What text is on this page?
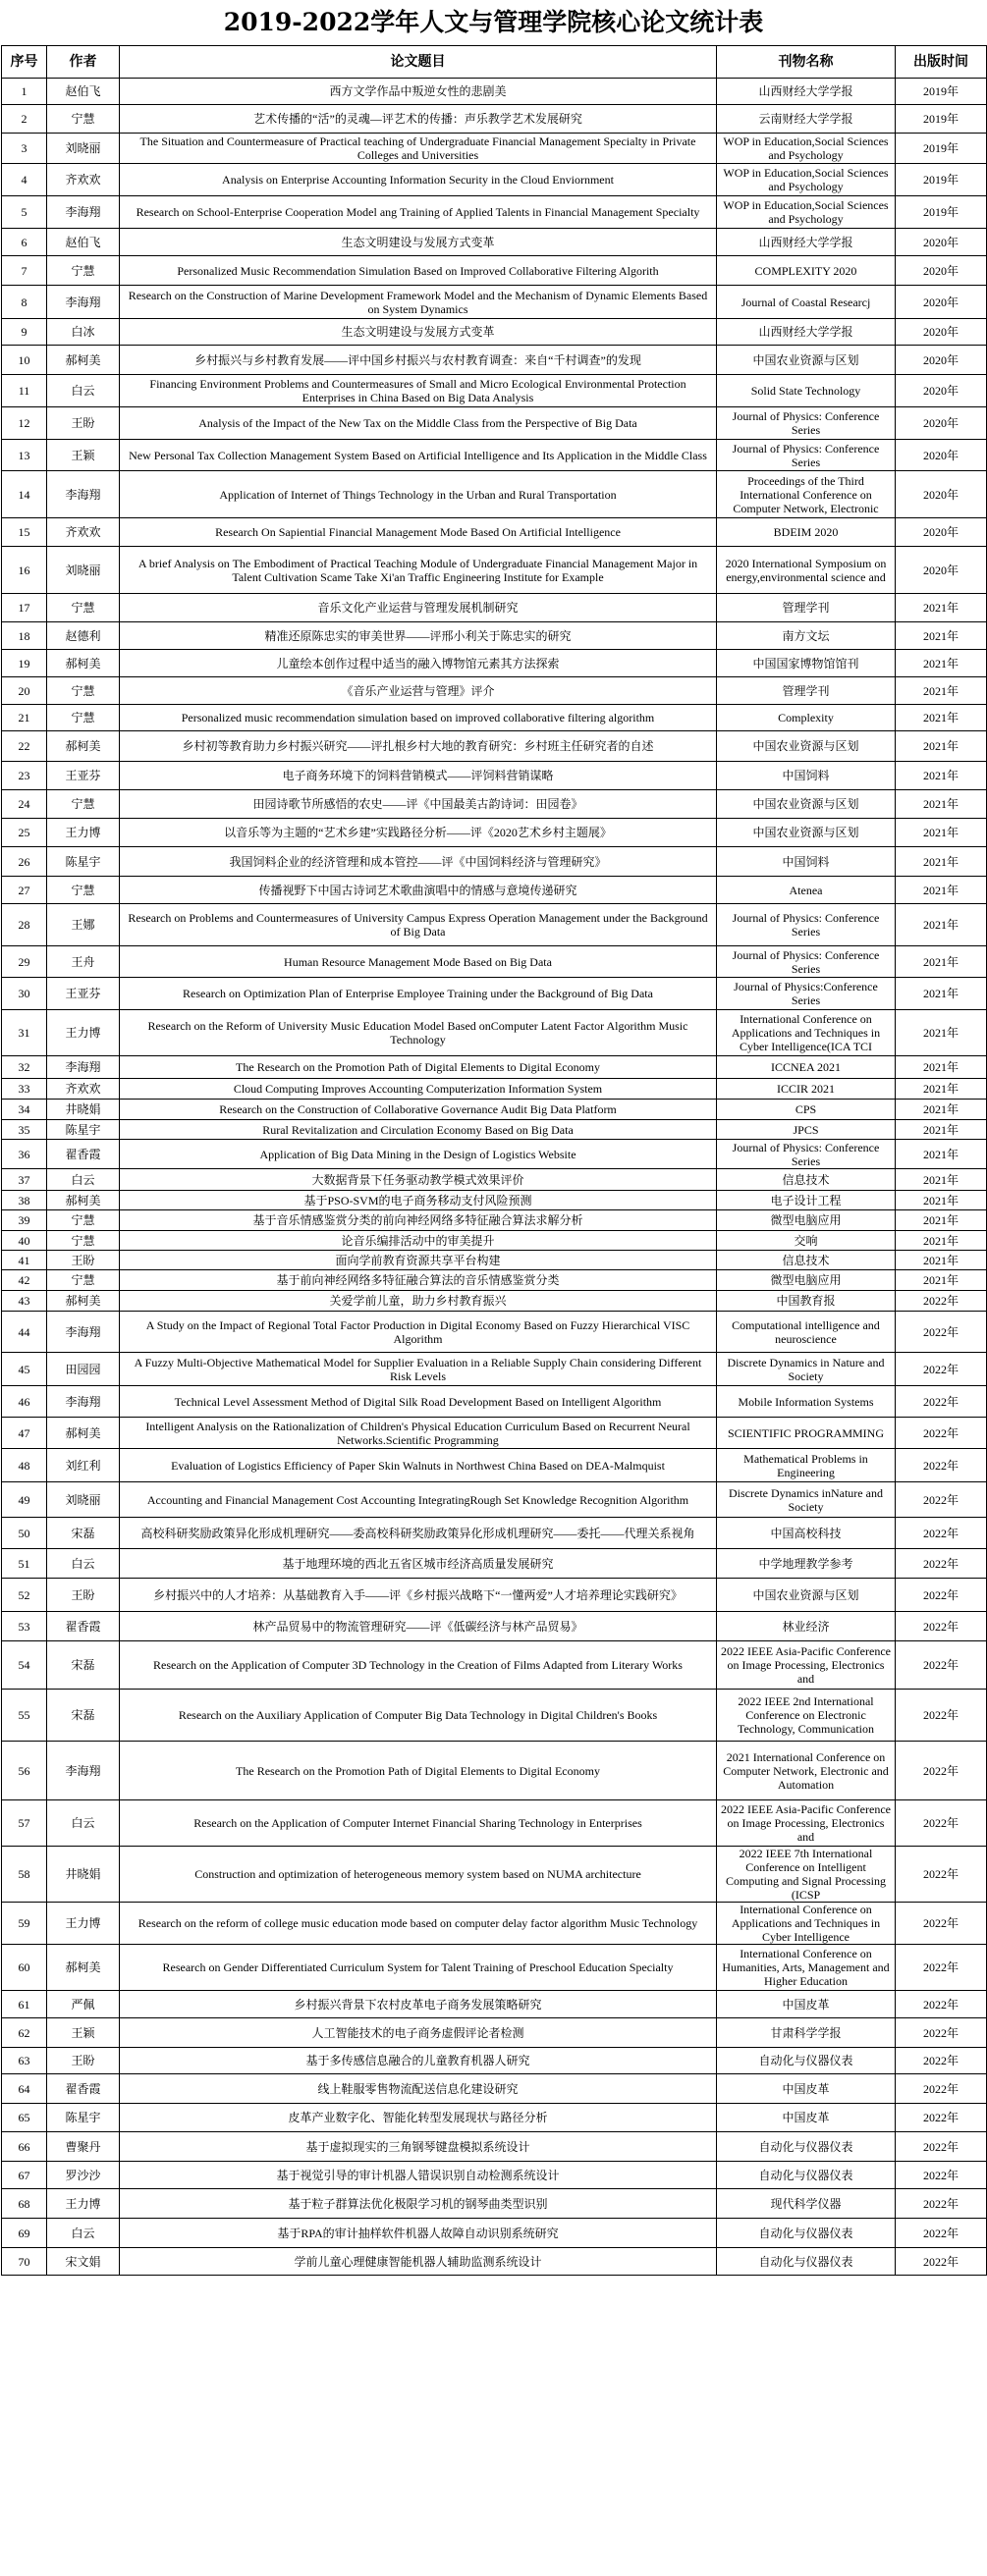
2019-2022学年人文与管理学院核心论文统计表
序号	作者	论文题目	刊物名称	出版时间
1	赵伯飞	西方文学作品中叛逆女性的悲剧美	山西财经大学学报	2019年
2	宁慧	艺术传播的“活”的灵魂—评艺术的传播：声乐教学艺术发展研究	云南财经大学学报	2019年
3	刘晓丽	The Situation and Countermeasure of Practical teaching of Undergraduate Financial Management Specialty in Private Colleges and Universities	WOP in Education,Social Sciences and Psychology	2019年
4	齐欢欢	Analysis on Enterprise Accounting Information Security in the Cloud Enviornment	WOP in Education,Social Sciences and Psychology	2019年
5	李海翔	Research on School-Enterprise Cooperation Model ang Training of Applied Talents in Financial Management Specialty	WOP in Education,Social Sciences and Psychology	2019年
6	赵伯飞	生态文明建设与发展方式变革	山西财经大学学报	2020年
7	宁慧	Personalized Music Recommendation Simulation Based on Improved Collaborative Filtering Algorith	COMPLEXITY 2020	2020年
8	李海翔	Research on the Construction of Marine Development Framework Model and the Mechanism of Dynamic Elements Based on System Dynamics	Journal of Coastal Researcj	2020年
9	白冰	生态文明建设与发展方式变革	山西财经大学学报	2020年
10	郝柯美	乡村振兴与乡村教育发展——评中国乡村振兴与农村教育调查：来自“千村调查”的发现	中国农业资源与区划	2020年
11	白云	Financing Environment Problems and Countermeasures of Small and Micro Ecological Environmental Protection Enterprises in China Based on Big Data Analysis	Solid State Technology	2020年
12	王盼	Analysis of the Impact of the New Tax on the Middle Class from the Perspective of Big Data	Journal of Physics: Conference Series	2020年
13	王颖	New Personal Tax Collection Management System Based on Artificial Intelligence and Its Application in the Middle Class	Journal of Physics: Conference Series	2020年
14	李海翔	Application of Internet of Things Technology in the Urban and Rural Transportation	Proceedings of the Third International Conference on Computer Network, Electronic	2020年
15	齐欢欢	Research On Sapiential Financial Management Mode Based On Artificial Intelligence	BDEIM 2020	2020年
16	刘晓丽	A brief Analysis on The Embodiment of Practical Teaching Module of Undergraduate Financial Management Major in Talent Cultivation Scame Take Xi'an Traffic Engineering Institute for Example	2020 International Symposium on energy,environmental science and	2020年
17	宁慧	音乐文化产业运营与管理发展机制研究	管理学刊	2021年
18	赵德利	精准还原陈忠实的审美世界——评邢小利关于陈忠实的研究	南方文坛	2021年
19	郝柯美	儿童绘本创作过程中适当的融入博物馆元素其方法探索	中国国家博物馆馆刊	2021年
20	宁慧	《音乐产业运营与管理》评介	管理学刊	2021年
21	宁慧	Personalized music recommendation simulation based on improved collaborative filtering algorithm	Complexity	2021年
22	郝柯美	乡村初等教育助力乡村振兴研究——评扎根乡村大地的教育研究：乡村班主任研究者的自述	中国农业资源与区划	2021年
23	王亚芬	电子商务环境下的饲料营销模式——评饲料营销谋略	中国饲料	2021年
24	宁慧	田园诗歌节所感悟的农史——评《中国最美古韵诗词：田园卷》	中国农业资源与区划	2021年
25	王力博	以音乐等为主题的“艺术乡建”实践路径分析——评《2020艺术乡村主题展》	中国农业资源与区划	2021年
26	陈星宇	我国饲料企业的经济管理和成本管控——评《中国饲料经济与管理研究》	中国饲料	2021年
27	宁慧	传播视野下中国古诗词艺术歌曲演唱中的情感与意境传递研究	Atenea	2021年
28	王娜	Research on Problems and Countermeasures of University Campus Express Operation Management under the Background of Big Data	Journal of Physics: Conference Series	2021年
29	王舟	Human Resource Management Mode Based on Big Data	Journal of Physics: Conference Series	2021年
30	王亚芬	Research on Optimization Plan of Enterprise Employee Training under the Background of Big Data	Journal of Physics:Conference Series	2021年
31	王力博	Research on the Reform of University Music Education Model Based onComputer Latent Factor Algorithm Music Technology	International Conference on Applications and Techniques in Cyber Intelligence(ICA TCI	2021年
32	李海翔	The Research on the Promotion Path of Digital Elements to Digital Economy	ICCNEA 2021	2021年
33	齐欢欢	Cloud Computing Improves Accounting Computerization Information System	ICCIR 2021	2021年
34	井晓娟	Research on the Construction of Collaborative Governance Audit Big Data Platform	CPS	2021年
35	陈星宇	Rural Revitalization and Circulation Economy Based on Big Data	JPCS	2021年
36	翟香霞	Application of Big Data Mining in the Design of Logistics Website	Journal of Physics: Conference Series	2021年
37	白云	大数据背景下任务驱动教学模式效果评价	信息技术	2021年
38	郝柯美	基于PSO-SVM的电子商务移动支付风险预测	电子设计工程	2021年
39	宁慧	基于音乐情感鉴赏分类的前向神经网络多特征融合算法求解分析	微型电脑应用	2021年
40	宁慧	论音乐编排活动中的审美提升	交响	2021年
41	王盼	面向学前教育资源共享平台构建	信息技术	2021年
42	宁慧	基于前向神经网络多特征融合算法的音乐情感鉴赏分类	微型电脑应用	2021年
43	郝柯美	关爱学前儿童，助力乡村教育振兴	中国教育报	2022年
44	李海翔	A Study on the Impact of Regional Total Factor Production in Digital Economy Based on Fuzzy Hierarchical VISC Algorithm	Computational intelligence and neuroscience	2022年
45	田园园	A Fuzzy Multi-Objective Mathematical Model for Supplier Evaluation in a Reliable Supply Chain considering Different Risk Levels	Discrete Dynamics in Nature and Society	2022年
46	李海翔	Technical Level Assessment Method of Digital Silk Road Development Based on Intelligent Algorithm	Mobile Information Systems	2022年
47	郝柯美	Intelligent Analysis on the Rationalization of Children's Physical Education Curriculum Based on Recurrent Neural Networks.Scientific Programming	SCIENTIFIC PROGRAMMING	2022年
48	刘红利	Evaluation of Logistics Efficiency of Paper Skin Walnuts in Northwest China Based on DEA-Malmquist	Mathematical Problems in Engineering	2022年
49	刘晓丽	Accounting and Financial Management Cost Accounting IntegratingRough Set Knowledge Recognition Algorithm	Discrete Dynamics inNature and Society	2022年
50	宋磊	高校科研奖励政策异化形成机理研究——委高校科研奖励政策异化形成机理研究——委托——代理关系视角	中国高校科技	2022年
51	白云	基于地理环境的西北五省区城市经济高质量发展研究	中学地理教学参考	2022年
52	王盼	乡村振兴中的人才培养：从基础教育入手——评《乡村振兴战略下“一懂两爱”人才培养理论实践研究》	中国农业资源与区划	2022年
53	翟香霞	林产品贸易中的物流管理研究——评《低碳经济与林产品贸易》	林业经济	2022年
54	宋磊	Research on the Application of Computer 3D Technology in the Creation of Films Adapted from Literary Works	2022 IEEE Asia-Pacific Conference on Image Processing, Electronics and	2022年
55	宋磊	Research on the Auxiliary Application of Computer Big Data Technology in Digital Children's Books	2022 IEEE 2nd International Conference on Electronic Technology, Communication	2022年
56	李海翔	The Research on the Promotion Path of Digital Elements to Digital Economy	2021 International Conference on Computer Network, Electronic and Automation	2022年
57	白云	Research on the Application of Computer Internet Financial Sharing Technology in Enterprises	2022 IEEE Asia-Pacific Conference on Image Processing, Electronics and	2022年
58	井晓娟	Construction and optimization of heterogeneous memory system based on NUMA architecture	2022 IEEE 7th International Conference on Intelligent Computing and Signal Processing (ICSP	2022年
59	王力博	Research on the reform of college music education mode based on computer delay factor algorithm Music Technology	International Conference on Applications and Techniques in Cyber Intelligence	2022年
60	郝柯美	Research on Gender Differentiated Curriculum System for Talent Training of Preschool Education Specialty	International Conference on Humanities, Arts, Management and Higher Education	2022年
61	严佩	乡村振兴背景下农村皮革电子商务发展策略研究	中国皮革	2022年
62	王颖	人工智能技术的电子商务虚假评论者检测	甘肃科学学报	2022年
63	王盼	基于多传感信息融合的儿童教育机器人研究	自动化与仪器仪表	2022年
64	翟香霞	线上鞋服零售物流配送信息化建设研究	中国皮革	2022年
65	陈星宇	皮革产业数字化、智能化转型发展现状与路径分析	中国皮革	2022年
66	曹聚丹	基于虚拟现实的三角钢琴键盘模拟系统设计	自动化与仪器仪表	2022年
67	罗沙沙	基于视觉引导的审计机器人错误识别自动检测系统设计	自动化与仪器仪表	2022年
68	王力博	基于粒子群算法优化极限学习机的钢琴曲类型识别	现代科学仪器	2022年
69	白云	基于RPA的审计抽样软件机器人故障自动识别系统研究	自动化与仪器仪表	2022年
70	宋文娟	学前儿童心理健康智能机器人辅助监测系统设计	自动化与仪器仪表	2022年
